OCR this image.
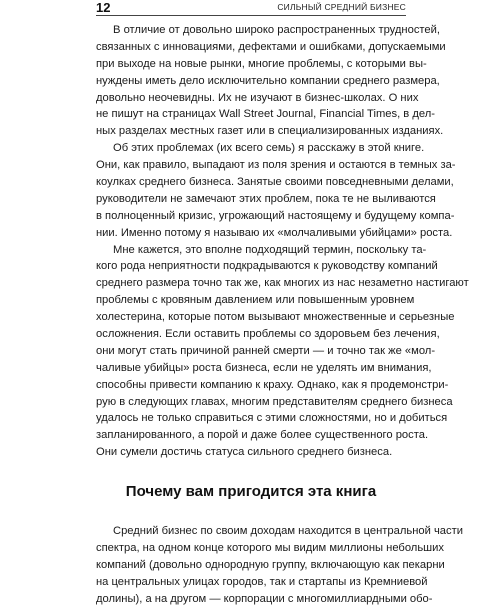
12	СИЛЬНЫЙ СРЕДНИЙ БИЗНЕС
В отличие от довольно широко распространенных трудностей,
связанных с инновациями, дефектами и ошибками, допускаемыми
при выходе на новые рынки, многие проблемы, с которыми вы-
нуждены иметь дело исключительно компании среднего размера,
довольно неочевидны. Их не изучают в бизнес-школах. О них
не пишут на страницах Wall Street Journal, Financial Times, в дел-
ных разделах местных газет или в специализированных изданиях.
Об этих проблемах (их всего семь) я расскажу в этой книге.
Они, как правило, выпадают из поля зрения и остаются в темных за-
коулках среднего бизнеса. Занятые своими повседневными делами,
руководители не замечают этих проблем, пока те не выливаются
в полноценный кризис, угрожающий настоящему и будущему компа-
нии. Именно потому я называю их «молчаливыми убийцами» роста.
Мне кажется, это вполне подходящий термин, поскольку та-
кого рода неприятности подкрадываются к руководству компаний
среднего размера точно так же, как многих из нас незаметно настигают
проблемы с кровяным давлением или повышенным уровнем
холестерина, которые потом вызывают множественные и серьезные
осложнения. Если оставить проблемы со здоровьем без лечения,
они могут стать причиной ранней смерти — и точно так же «мол-
чаливые убийцы» роста бизнеса, если не уделять им внимания,
способны привести компанию к краху. Однако, как я продемонстри-
рую в следующих главах, многим представителям среднего бизнеса
удалось не только справиться с этими сложностями, но и добиться
запланированного, а порой и даже более существенного роста.
Они сумели достичь статуса сильного среднего бизнеса.
Почему вам пригодится эта книга
Средний бизнес по своим доходам находится в центральной части
спектра, на одном конце которого мы видим миллионы небольших
компаний (довольно однородную группу, включающую как пекарни
на центральных улицах городов, так и стартапы из Кремниевой
долины), а на другом — корпорации с многомиллиардными обо-
